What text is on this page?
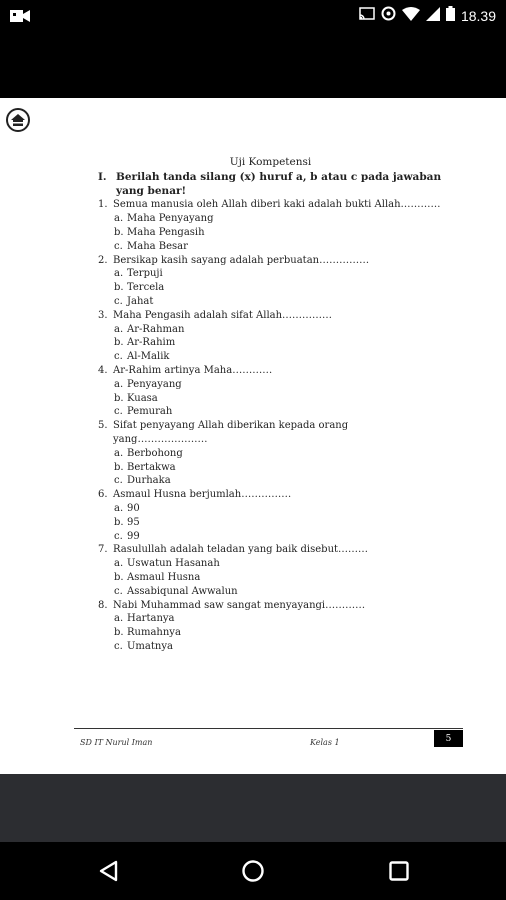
18.39
Uji Kompetensi
I. Berilah tanda silang (x) huruf a, b atau c pada jawaban yang benar!
1. Semua manusia oleh Allah diberi kaki adalah bukti Allah…………
a. Maha Penyayang
b. Maha Pengasih
c. Maha Besar
2. Bersikap kasih sayang adalah perbuatan……………
a. Terpuji
b. Tercela
c. Jahat
3. Maha Pengasih adalah sifat Allah……………
a. Ar-Rahman
b. Ar-Rahim
c. Al-Malik
4. Ar-Rahim artinya Maha…………
a. Penyayang
b. Kuasa
c. Pemurah
5. Sifat penyayang Allah diberikan kepada orang yang…………………
a. Berbohong
b. Bertakwa
c. Durhaka
6. Asmaul Husna berjumlah……………
a. 90
b. 95
c. 99
7. Rasulullah adalah teladan yang baik disebut………
a. Uswatun Hasanah
b. Asmaul Husna
c. Assabiqunal Awwalun
8. Nabi Muhammad saw sangat menyayangi…………
a. Hartanya
b. Rumahnya
c. Umatnya
SD IT Nurul Iman	Kelas 1	5
